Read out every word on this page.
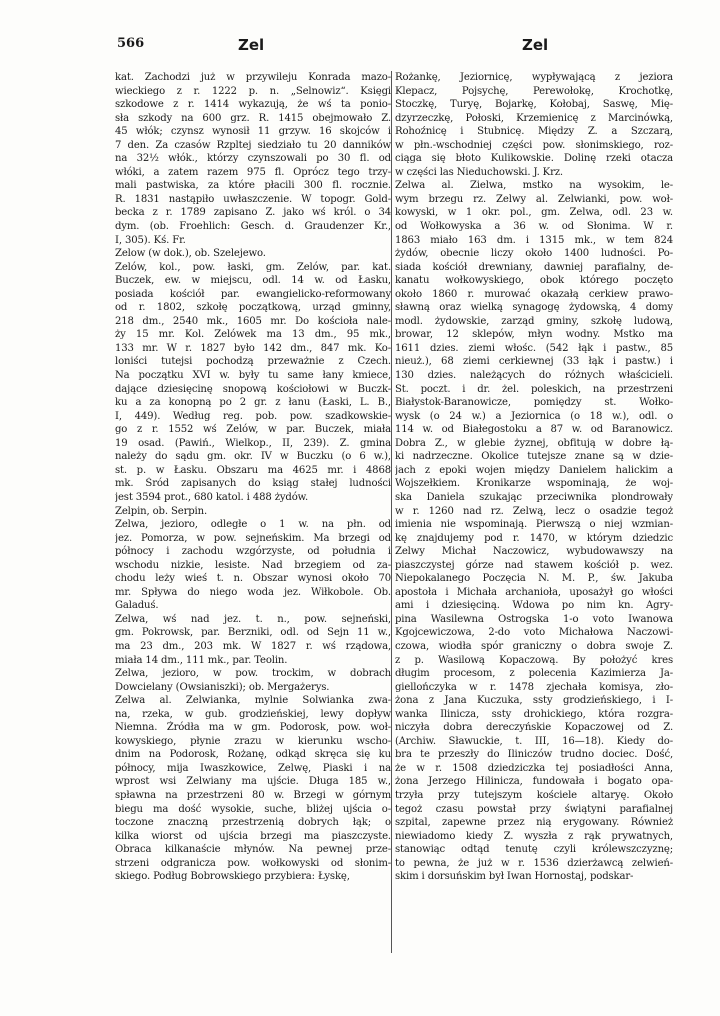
566	Zel	Zel
kat. Zachodzi już w przywileju Konrada mazo-
wieckiego z r. 1222 p. n. „Selnowiz“. Księgi
szkodowe z r. 1414 wykazują, że wś ta ponio-
sła szkody na 600 grz. R. 1415 obejmowało Z.
45 włók; czynsz wynosił 11 grzyw. 16 skojców i
7 den. Za czasów Rzpltej siedziało tu 20 danników
na 32½ włók., którzy czynszowali po 30 fl. od
włóki, a zatem razem 975 fl. Oprócz tego trzy-
mali pastwiska, za które płacili 300 fl. rocznie.
R. 1831 nastąpiło uwłaszczenie. W topogr. Gold-
becka z r. 1789 zapisano Z. jako wś król. o 34
dym. (ob. Froehlich: Gesch. d. Graudenzer Kr.,
I, 305). Kś. Fr.
Zelow (w dok.), ob. Szelejewo.
Zelów, kol., pow. łaski, gm. Zelów, par. kat.
Buczek, ew. w miejscu, odl. 14 w. od Łasku,
posiada kościół par. ewangielicko-reformowany
od r. 1802, szkołę początkową, urząd gminny,
218 dm., 2540 mk., 1605 mr. Do kościoła nale-
ży 15 mr. Kol. Zelówek ma 13 dm., 95 mk.,
133 mr. W r. 1827 było 142 dm., 847 mk. Ko-
loniści tutejsi pochodzą przeważnie z Czech.
Na początku XVI w. były tu same łany kmiece,
dające dziesięcinę snopową kościołowi w Buczk-
ku a za konopną po 2 gr. z łanu (Łaski, L. B.,
I, 449). Według reg. pob. pow. szadkowskie-
go z r. 1552 wś Zelów, w par. Buczek, miała
19 osad. (Pawiń., Wielkop., II, 239). Z. gmina
należy do sądu gm. okr. IV w Buczku (o 6 w.),
st. p. w Łasku. Obszaru ma 4625 mr. i 4868
mk. Śród zapisanych do ksiąg stałej ludności
jest 3594 prot., 680 katol. i 488 żydów.
Zelpin, ob. Serpin.
Zelwa, jezioro, odległe o 1 w. na płn. od
jez. Pomorza, w pow. sejneńskim. Ma brzegi od
północy i zachodu wzgórzyste, od południa i
wschodu nizkie, lesiste. Nad brzegiem od za-
chodu leży wieś t. n. Obszar wynosi około 70
mr. Spływa do niego woda jez. Wiłkobole. Ob.
Galaduś.
Zelwa, wś nad jez. t. n., pow. sejneński,
gm. Pokrowsk, par. Berzniki, odl. od Sejn 11 w.,
ma 23 dm., 203 mk. W 1827 r. wś rządowa,
miała 14 dm., 111 mk., par. Teolin.
Zelwa, jezioro, w pow. trockim, w dobrach
Dowcielany (Owsianiszki); ob. Mergażerys.
Zelwa al. Zelwianka, mylnie Solwianka zwa-
na, rzeka, w gub. grodzieńskiej, lewy dopływ
Niemna. Źródła ma w gm. Podorosk, pow. woł-
kowyskiego, płynie zrazu w kierunku wscho-
dnim na Podorosk, Rożanę, odkąd skręca się ku
północy, mija Iwaszkowice, Zelwę, Piaski i na
wprost wsi Zelwiany ma ujście. Długa 185 w.,
spławna na przestrzeni 80 w. Brzegi w górnym
biegu ma dość wysokie, suche, bliżej ujścia o-
toczone znaczną przestrzenią dobrych łąk; o
kilka wiorst od ujścia brzegi ma piaszczyste.
Obraca kilkanaście młynów. Na pewnej prze-
strzeni odgranicza pow. wołkowyski od słonim-
skiego. Podług Bobrowskiego przybiera: Łyskę,
Rożankę, Jeziornicę, wypływającą z jeziora
Klepacz, Pojsychę, Perewołokę, Krochotkę,
Stoczkę, Turyę, Bojarkę, Kołobaj, Saswę, Mię-
dzyrzeczkę, Połoski, Krzemienicę z Marcinówką,
Rohoźnicę i Stubnicę. Między Z. a Szczarą,
w płn.-wschodniej części pow. słonimskiego, roz-
ciąga się błoto Kulikowskie. Dolinę rzeki otacza
w części las Nieduchowski. J. Krz.
Zelwa al. Zielwa, mstko na wysokim, le-
wym brzegu rz. Zelwy al. Zelwianki, pow. woł-
kowyski, w 1 okr. pol., gm. Zelwa, odl. 23 w.
od Wołkowyska a 36 w. od Słonima. W r.
1863 miało 163 dm. i 1315 mk., w tem 824
żydów, obecnie liczy około 1400 ludności. Po-
siada kościół drewniany, dawniej parafialny, de-
kanatu wołkowyskiego, obok którego poczęto
około 1860 r. murować okazałą cerkiew prawo-
sławną oraz wielką synagogę żydowską, 4 domy
modl. żydowskie, zarząd gminy, szkołę ludową,
browar, 12 sklepów, młyn wodny. Mstko ma
1611 dzies. ziemi włośc. (542 łąk i pastw., 85
nieuż.), 68 ziemi cerkiewnej (33 łąk i pastw.) i
130 dzies. należących do różnych właścicieli.
St. poczt. i dr. żel. poleskich, na przestrzeni
Białystok-Baranowicze, pomiędzy st. Wołko-
wysk (o 24 w.) a Jeziornica (o 18 w.), odl. o
114 w. od Białegostoku a 87 w. od Baranowicz.
Dobra Z., w glebie żyznej, obfitują w dobre łą-
ki nadrzeczne. Okolice tutejsze znane są w dzie-
jach z epoki wojen między Danielem halickim a
Wojszełkiem. Kronikarze wspominają, że woj-
ska Daniela szukając przeciwnika plondrowały
w r. 1260 nad rz. Zelwą, lecz o osadzie tegoż
imienia nie wspominają. Pierwszą o niej wzmian-
kę znajdujemy pod r. 1470, w którym dziedzic
Zelwy Michał Naczowicz, wybudowawszy na
piaszczystej górze nad stawem kościół p. wez.
Niepokalanego Poczęcia N. M. P., św. Jakuba
apostoła i Michała archanioła, uposażył go włości
ami i dziesięciną. Wdowa po nim kn. Agry-
pina Wasilewna Ostrogska 1-o voto Iwanowa
Kgojcewiczowa, 2-do voto Michałowa Naczowi-
czowa, wiodła spór graniczny o dobra swoje Z.
z p. Wasilową Kopaczową. By położyć kres
długim procesom, z polecenia Kazimierza Ja-
giellończyka w r. 1478 zjechała komisya, zło-
żona z Jana Kuczuka, ssty grodzieńskiego, i I-
wanka Ilinicza, ssty drohickiego, która rozgra-
niczyła dobra dereczyńskie Kopaczowej od Z.
(Archiw. Sławuckie, t. III, 16—18). Kiedy do-
bra te przeszły do Iliniczów trudno dociec. Dość,
że w r. 1508 dziedziczka tej posiadłości Anna,
żona Jerzego Hilinicza, fundowała i bogato opa-
trzyła przy tutejszym kościele altaryę. Około
tegoż czasu powstał przy świątyni parafialnej
szpital, zapewne przez nią erygowany. Również
niewiadomo kiedy Z. wyszła z rąk prywatnych,
stanowiąc odtąd tenutę czyli królewszczyznę;
to pewna, że już w r. 1536 dzierżawcą zelwień-
skim i dorsuńskim był Iwan Hornostaj, podskar-
